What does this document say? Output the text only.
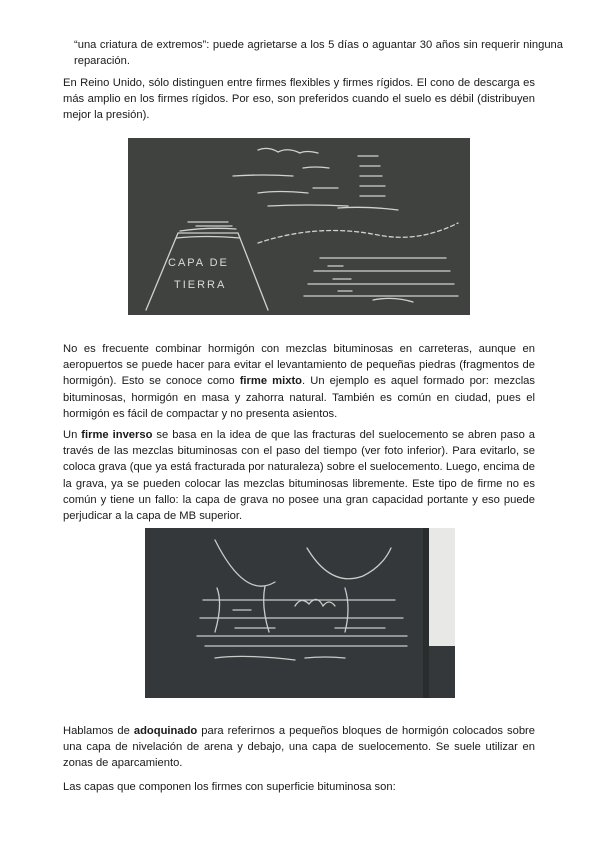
“una criatura de extremos”: puede agrietarse a los 5 días o aguantar 30 años sin requerir ninguna reparación.

En Reino Unido, sólo distinguen entre firmes flexibles y firmes rígidos. El cono de descarga es más amplio en los firmes rígidos. Por eso, son preferidos cuando el suelo es débil (distribuyen mejor la presión).

CAPA DE
TIERRA

No es frecuente combinar hormigón con mezclas bituminosas en carreteras, aunque en aeropuertos se puede hacer para evitar el levantamiento de pequeñas piedras (fragmentos de hormigón). Esto se conoce como firme mixto. Un ejemplo es aquel formado por: mezclas bituminosas, hormigón en masa y zahorra natural. También es común en ciudad, pues el hormigón es fácil de compactar y no presenta asientos.

Un firme inverso se basa en la idea de que las fracturas del suelocemento se abren paso a través de las mezclas bituminosas con el paso del tiempo (ver foto inferior). Para evitarlo, se coloca grava (que ya está fracturada por naturaleza) sobre el suelocemento. Luego, encima de la grava, ya se pueden colocar las mezclas bituminosas libremente. Este tipo de firme no es común y tiene un fallo: la capa de grava no posee una gran capacidad portante y eso puede perjudicar a la capa de MB superior.

Hablamos de adoquinado para referirnos a pequeños bloques de hormigón colocados sobre una capa de nivelación de arena y debajo, una capa de suelocemento. Se suele utilizar en zonas de aparcamiento.

Las capas que componen los firmes con superficie bituminosa son:
